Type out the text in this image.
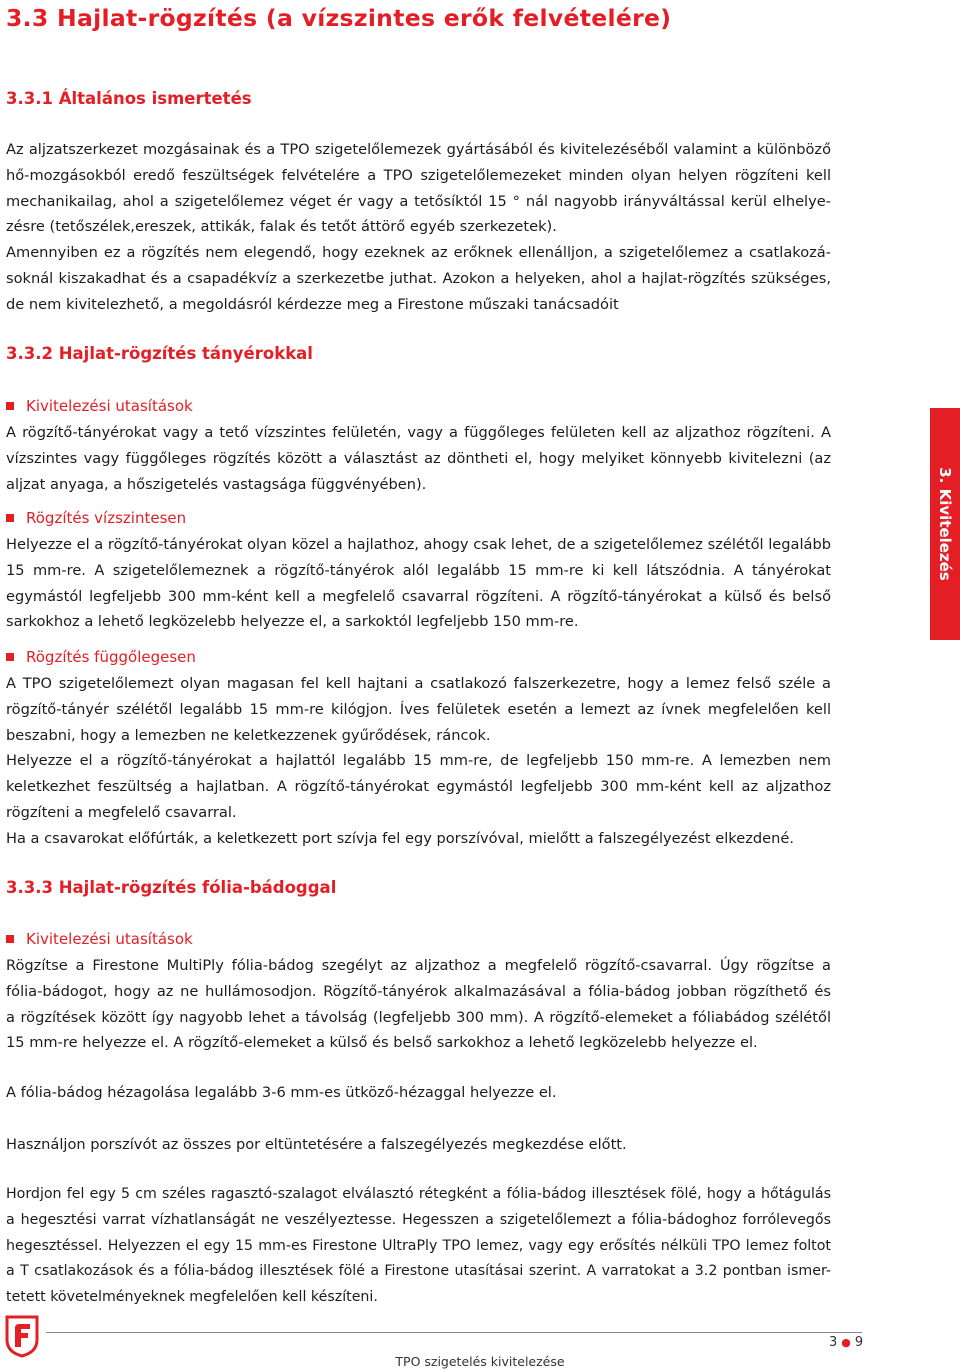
3.3 Hajlat-rögzítés (a vízszintes erők felvételére)
3.3.1 Általános ismertetés
Az aljzatszerkezet mozgásainak és a TPO szigetelőlemezek gyártásából és kivitelezéséből valamint a különböző
hő-mozgásokból eredő feszültségek felvételére a TPO szigetelőlemezeket minden olyan helyen rögzíteni kell
mechanikailag, ahol a szigetelőlemez véget ér vagy a tetősíktól 15 ° nál nagyobb irányváltással kerül elhelye-
zésre (tetőszélek,ereszek, attikák, falak és tetőt áttörő egyéb szerkezetek).
Amennyiben ez a rögzítés nem elegendő, hogy ezeknek az erőknek ellenálljon, a szigetelőlemez a csatlakozá-
soknál kiszakadhat és a csapadékvíz a szerkezetbe juthat. Azokon a helyeken, ahol a hajlat-rögzítés szükséges,
de nem kivitelezhető, a megoldásról kérdezze meg a Firestone műszaki tanácsadóit
3.3.2 Hajlat-rögzítés tányérokkal
Kivitelezési utasítások
A rögzítő-tányérokat vagy a tető vízszintes felületén, vagy a függőleges felületen kell az aljzathoz rögzíteni. A
vízszintes vagy függőleges rögzítés között a választást az döntheti el, hogy melyiket könnyebb kivitelezni (az
aljzat anyaga, a hőszigetelés vastagsága függvényében).
Rögzítés vízszintesen
Helyezze el a rögzítő-tányérokat olyan közel a hajlathoz, ahogy csak lehet, de a szigetelőlemez szélétől legalább
15 mm-re. A szigetelőlemeznek a rögzítő-tányérok alól legalább 15 mm-re ki kell látszódnia. A tányérokat
egymástól legfeljebb 300 mm-ként kell a megfelelő csavarral rögzíteni. A rögzítő-tányérokat a külső és belső
sarkokhoz a lehető legközelebb helyezze el, a sarkoktól legfeljebb 150 mm-re.
Rögzítés függőlegesen
A TPO szigetelőlemezt olyan magasan fel kell hajtani a csatlakozó falszerkezetre, hogy a lemez felső széle a
rögzítő-tányér szélétől legalább 15 mm-re kilógjon. Íves felületek esetén a lemezt az ívnek megfelelően kell
beszabni, hogy a lemezben ne keletkezzenek gyűrődések, ráncok.
Helyezze el a rögzítő-tányérokat a hajlattól legalább 15 mm-re, de legfeljebb 150 mm-re. A lemezben nem
keletkezhet feszültség a hajlatban. A rögzítő-tányérokat egymástól legfeljebb 300 mm-ként kell az aljzathoz
rögzíteni a megfelelő csavarral.
Ha a csavarokat előfúrták, a keletkezett port szívja fel egy porszívóval, mielőtt a falszegélyezést elkezdené.
3.3.3 Hajlat-rögzítés fólia-bádoggal
Kivitelezési utasítások
Rögzítse a Firestone MultiPly fólia-bádog szegélyt az aljzathoz a megfelelő rögzítő-csavarral. Úgy rögzítse a
fólia-bádogot, hogy az ne hullámosodjon. Rögzítő-tányérok alkalmazásával a fólia-bádog jobban rögzíthető és
a rögzítések között így nagyobb lehet a távolság (legfeljebb 300 mm). A rögzítő-elemeket a fóliabádog szélétől
15 mm-re helyezze el. A rögzítő-elemeket a külső és belső sarkokhoz a lehető legközelebb helyezze el.
A fólia-bádog hézagolása legalább 3-6 mm-es ütköző-hézaggal helyezze el.
Használjon porszívót az összes por eltüntetésére a falszegélyezés megkezdése előtt.
Hordjon fel egy 5 cm széles ragasztó-szalagot elválasztó rétegként a fólia-bádog illesztések fölé, hogy a hőtágulás
a hegesztési varrat vízhatlanságát ne veszélyeztesse. Hegesszen a szigetelőlemezt a fólia-bádoghoz forrólevegős
hegesztéssel. Helyezzen el egy 15 mm-es Firestone UltraPly TPO lemez, vagy egy erősítés nélküli TPO lemez foltot
a T csatlakozások és a fólia-bádog illesztések fölé a Firestone utasításai szerint. A varratokat a 3.2 pontban ismer-
tetett követelményeknek megfelelően kell készíteni.
3. Kivitelezés
3 ● 9
TPO szigetelés kivitelezése
